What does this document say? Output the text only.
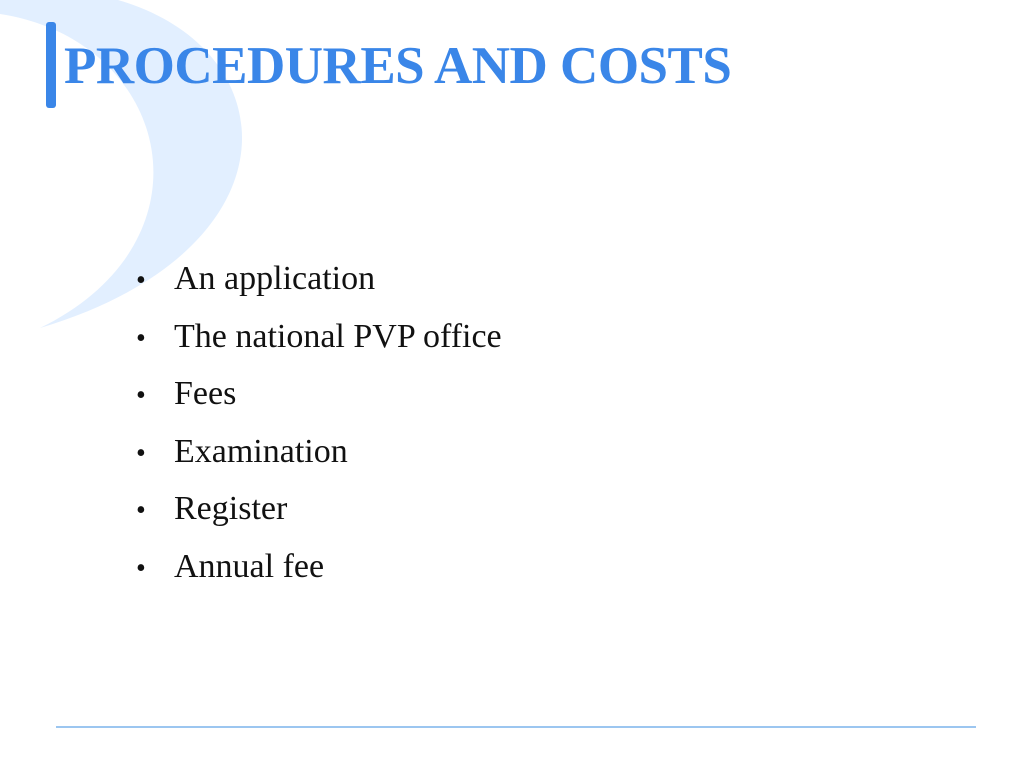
PROCEDURES AND COSTS
• An application
• The national PVP office
• Fees
• Examination
• Register
• Annual fee
